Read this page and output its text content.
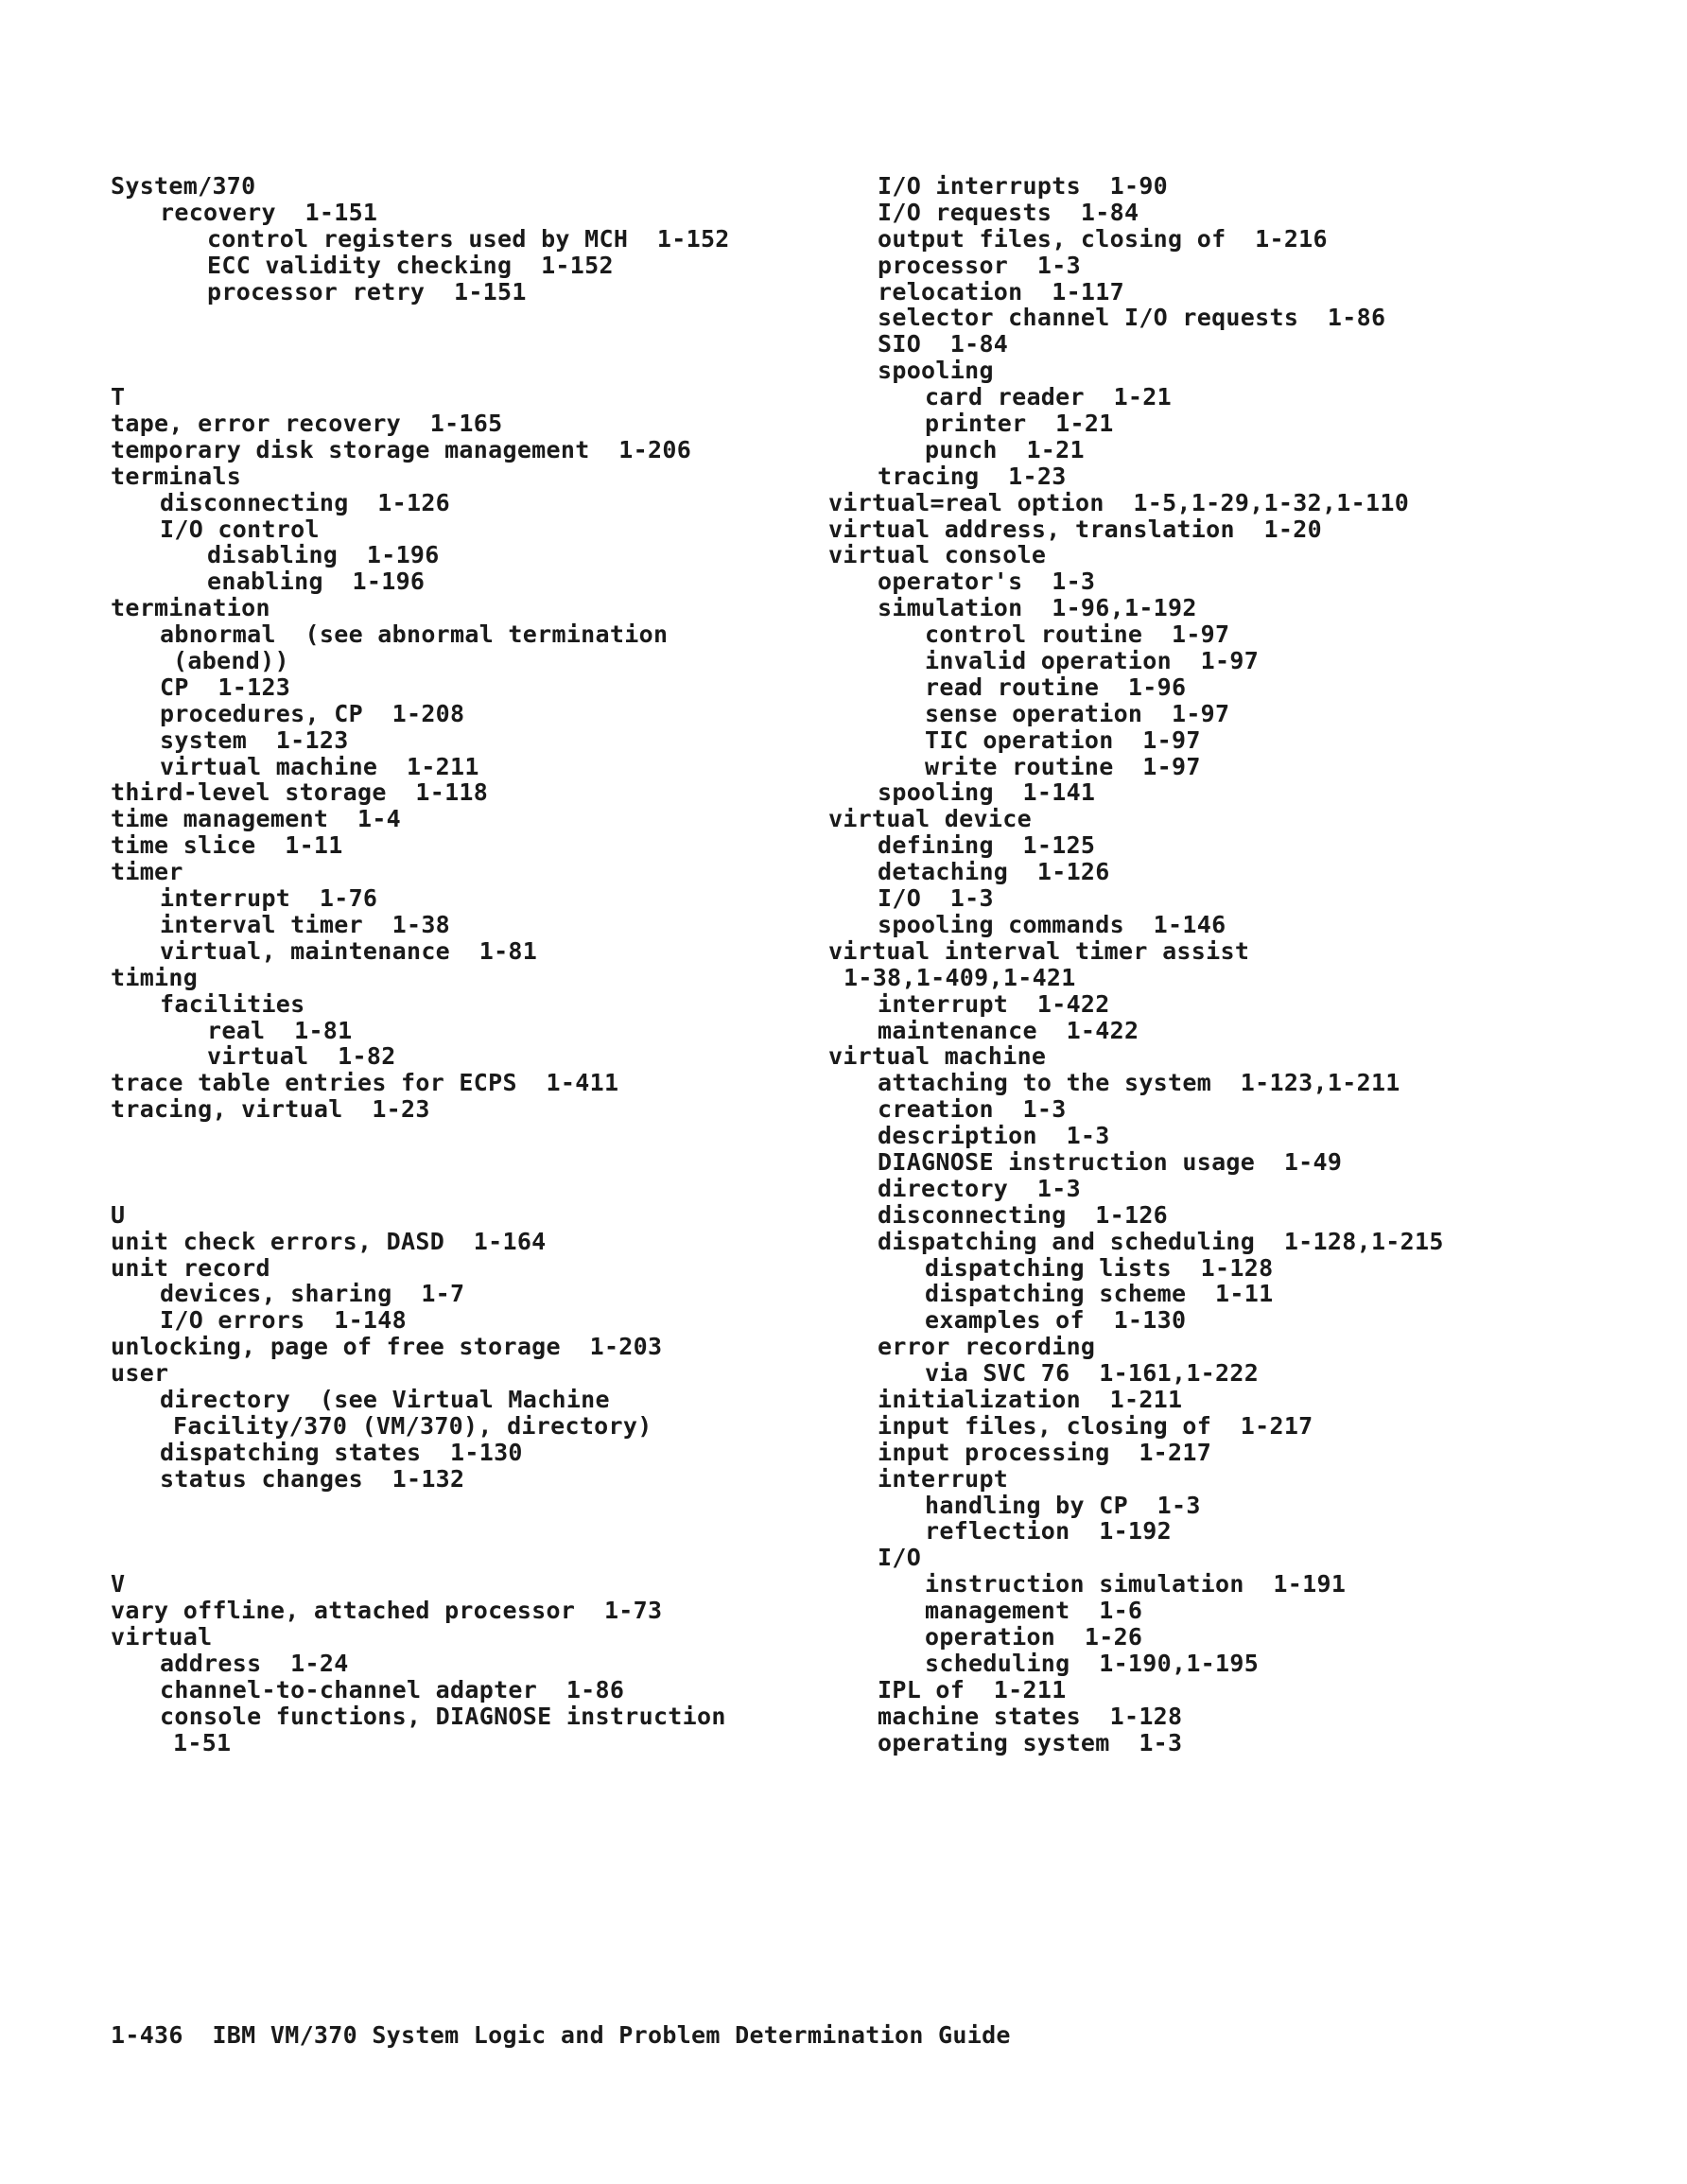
System/370
recovery  1-151
control registers used by MCH  1-152
ECC validity checking  1-152
processor retry  1-151
T
tape, error recovery  1-165
temporary disk storage management  1-206
terminals
disconnecting  1-126
I/O control
disabling  1-196
enabling  1-196
termination
abnormal  (see abnormal termination
(abend))
CP  1-123
procedures, CP  1-208
system  1-123
virtual machine  1-211
third-level storage  1-118
time management  1-4
time slice  1-11
timer
interrupt  1-76
interval timer  1-38
virtual, maintenance  1-81
timing
facilities
real  1-81
virtual  1-82
trace table entries for ECPS  1-411
tracing, virtual  1-23
U
unit check errors, DASD  1-164
unit record
devices, sharing  1-7
I/O errors  1-148
unlocking, page of free storage  1-203
user
directory  (see Virtual Machine
Facility/370 (VM/370), directory)
dispatching states  1-130
status changes  1-132
V
vary offline, attached processor  1-73
virtual
address  1-24
channel-to-channel adapter  1-86
console functions, DIAGNOSE instruction
1-51
I/O interrupts  1-90
I/O requests  1-84
output files, closing of  1-216
processor  1-3
relocation  1-117
selector channel I/O requests  1-86
SIO  1-84
spooling
card reader  1-21
printer  1-21
punch  1-21
tracing  1-23
virtual=real option  1-5,1-29,1-32,1-110
virtual address, translation  1-20
virtual console
operator's  1-3
simulation  1-96,1-192
control routine  1-97
invalid operation  1-97
read routine  1-96
sense operation  1-97
TIC operation  1-97
write routine  1-97
spooling  1-141
virtual device
defining  1-125
detaching  1-126
I/O  1-3
spooling commands  1-146
virtual interval timer assist
1-38,1-409,1-421
interrupt  1-422
maintenance  1-422
virtual machine
attaching to the system  1-123,1-211
creation  1-3
description  1-3
DIAGNOSE instruction usage  1-49
directory  1-3
disconnecting  1-126
dispatching and scheduling  1-128,1-215
dispatching lists  1-128
dispatching scheme  1-11
examples of  1-130
error recording
via SVC 76  1-161,1-222
initialization  1-211
input files, closing of  1-217
input processing  1-217
interrupt
handling by CP  1-3
reflection  1-192
I/O
instruction simulation  1-191
management  1-6
operation  1-26
scheduling  1-190,1-195
IPL of  1-211
machine states  1-128
operating system  1-3
1-436  IBM VM/370 System Logic and Problem Determination Guide
